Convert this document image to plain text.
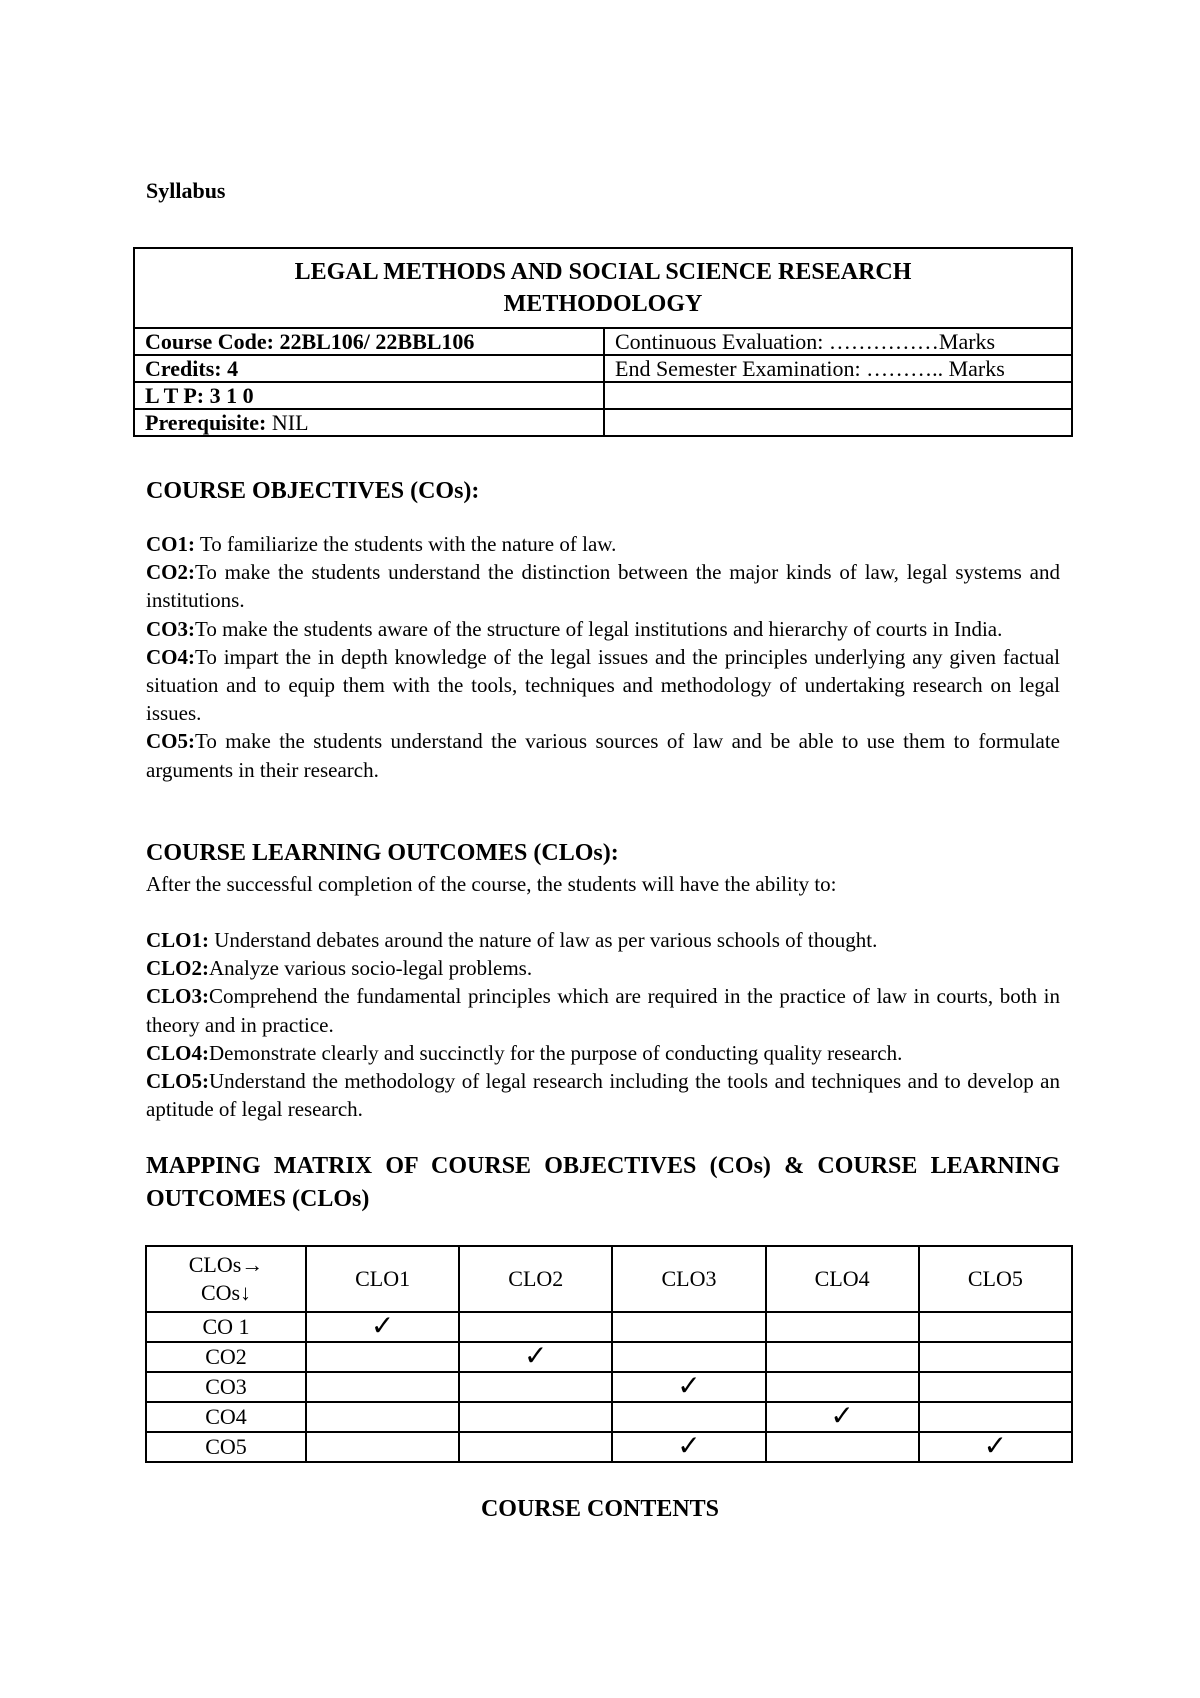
Syllabus
LEGAL METHODS AND SOCIAL SCIENCE RESEARCH
METHODOLOGY	

Course Code: 22BL106/ 22BBL106	Continuous Evaluation: ……………Marks
Credits: 4	End Semester Examination: ……….. Marks
L T P: 3 1 0	
Prerequisite: NIL	
COURSE OBJECTIVES (COs):

CO1: To familiarize the students with the nature of law.

CO2:To make the students understand the distinction between the major kinds of law, legal systems and institutions.

CO3:To make the students aware of the structure of legal institutions and hierarchy of courts in India.

CO4:To impart the in depth knowledge of the legal issues and the principles underlying any given factual situation and to equip them with the tools, techniques and methodology of undertaking research on legal issues.

CO5:To make the students understand the various sources of law and be able to use them to formulate arguments in their research.

COURSE LEARNING OUTCOMES (CLOs):
After the successful completion of the course, the students will have the ability to:

CLO1: Understand debates around the nature of law as per various schools of thought.

CLO2:Analyze various socio-legal problems.

CLO3:Comprehend the fundamental principles which are required in the practice of law in courts, both in theory and in practice.

CLO4:Demonstrate clearly and succinctly for the purpose of conducting quality research.

CLO5:Understand the methodology of legal research including the tools and techniques and to develop an aptitude of legal research.

MAPPING MATRIX OF COURSE OBJECTIVES (COs) & COURSE LEARNING OUTCOMES (CLOs)
CLOs→
COs↓	CLO1	CLO2	CLO3	CLO4	CLO5
CO 1	✓				
CO2		✓			
CO3			✓		
CO4				✓	
CO5			✓		✓
COURSE CONTENTS
